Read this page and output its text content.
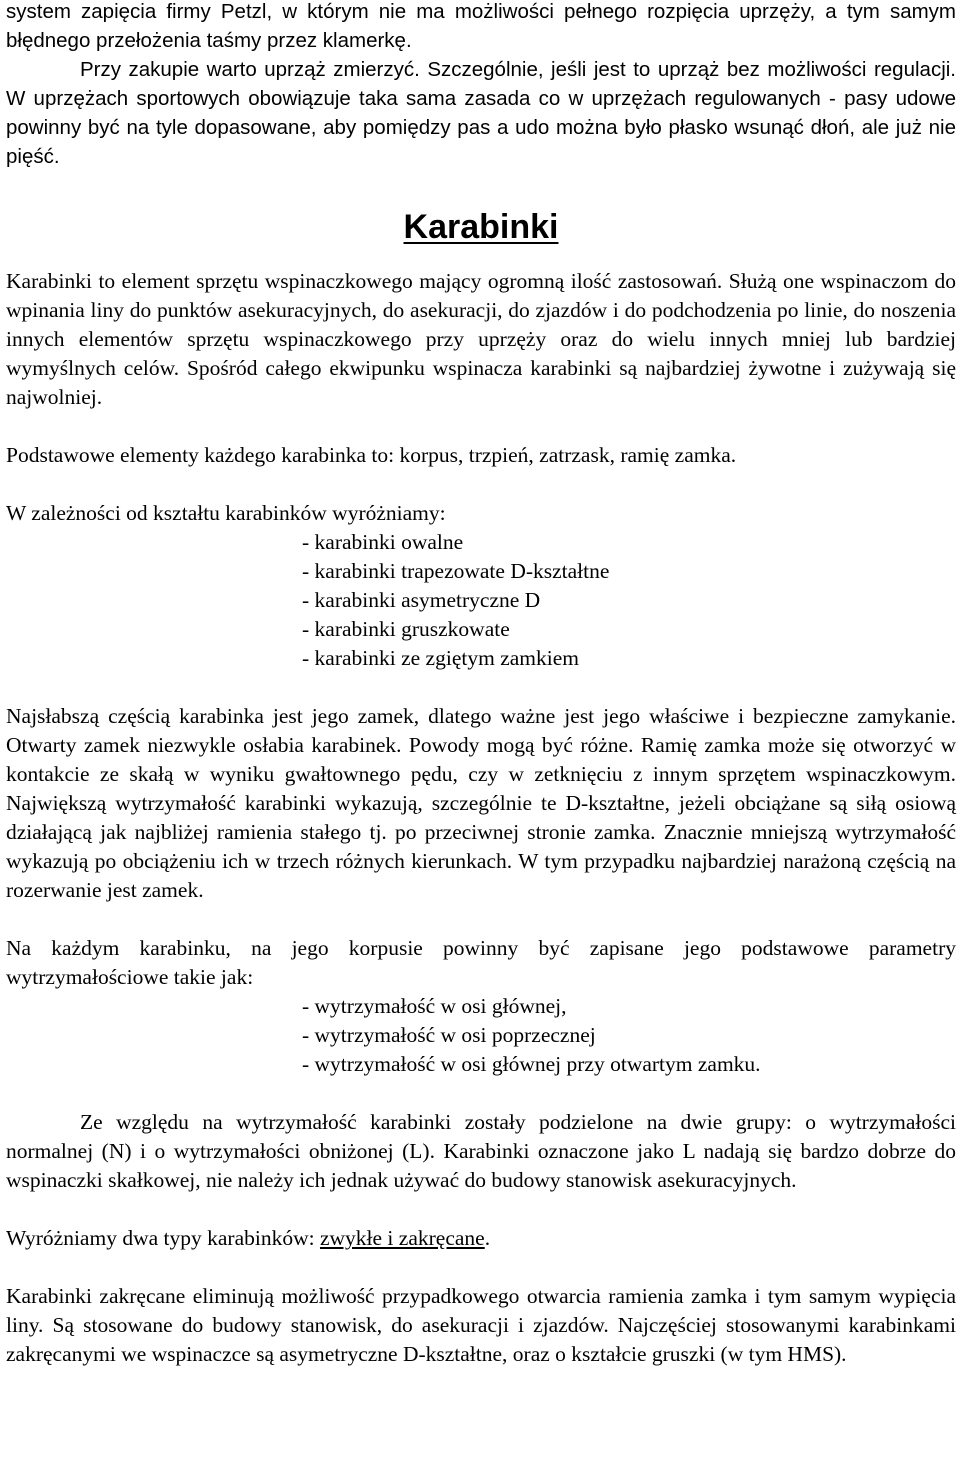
system zapięcia firmy Petzl, w którym nie ma możliwości pełnego rozpięcia uprzęży, a tym samym błędnego przełożenia taśmy przez klamerkę.

Przy zakupie warto uprząż zmierzyć. Szczególnie, jeśli jest to uprząż bez możliwości regulacji. W uprzężach sportowych obowiązuje taka sama zasada co w uprzężach regulowanych - pasy udowe powinny być na tyle dopasowane, aby pomiędzy pas a udo można było płasko wsunąć dłoń, ale już nie pięść.

Karabinki

Karabinki to element sprzętu wspinaczkowego mający ogromną ilość zastosowań. Służą one wspinaczom do wpinania liny do punktów asekuracyjnych, do asekuracji, do zjazdów i do podchodzenia po linie, do noszenia innych elementów sprzętu wspinaczkowego przy uprzęży oraz do wielu innych mniej lub bardziej wymyślnych celów. Spośród całego ekwipunku wspinacza karabinki są najbardziej żywotne i zużywają się najwolniej.

Podstawowe elementy każdego karabinka to: korpus, trzpień, zatrzask, ramię zamka.

W zależności od kształtu karabinków wyróżniamy:

- karabinki owalne
- karabinki trapezowate D-kształtne
- karabinki asymetryczne D
- karabinki gruszkowate
- karabinki ze zgiętym zamkiem

Najsłabszą częścią karabinka jest jego zamek, dlatego ważne jest jego właściwe i bezpieczne zamykanie. Otwarty zamek niezwykle osłabia karabinek. Powody mogą być różne. Ramię zamka może się otworzyć w kontakcie ze skałą w wyniku gwałtownego pędu, czy w zetknięciu z innym sprzętem wspinaczkowym. Największą wytrzymałość karabinki wykazują, szczególnie te D-kształtne, jeżeli obciążane są siłą osiową działającą jak najbliżej ramienia stałego tj. po przeciwnej stronie zamka. Znacznie mniejszą wytrzymałość wykazują po obciążeniu ich w trzech różnych kierunkach. W tym przypadku najbardziej narażoną częścią na rozerwanie jest zamek.

Na każdym karabinku, na jego korpusie powinny być zapisane jego podstawowe parametry wytrzymałościowe takie jak:

- wytrzymałość w osi głównej,
- wytrzymałość w osi poprzecznej
- wytrzymałość w osi głównej przy otwartym zamku.

Ze względu na wytrzymałość karabinki zostały podzielone na dwie grupy: o wytrzymałości normalnej (N) i o wytrzymałości obniżonej (L). Karabinki oznaczone jako L nadają się bardzo dobrze do wspinaczki skałkowej, nie należy ich jednak używać do budowy stanowisk asekuracyjnych.

Wyróżniamy dwa typy karabinków: zwykłe i zakręcane.

Karabinki zakręcane eliminują możliwość przypadkowego otwarcia ramienia zamka i tym samym wypięcia liny. Są stosowane do budowy stanowisk, do asekuracji i zjazdów. Najczęściej stosowanymi karabinkami zakręcanymi we wspinaczce są asymetryczne D-kształtne, oraz o kształcie gruszki (w tym HMS).
